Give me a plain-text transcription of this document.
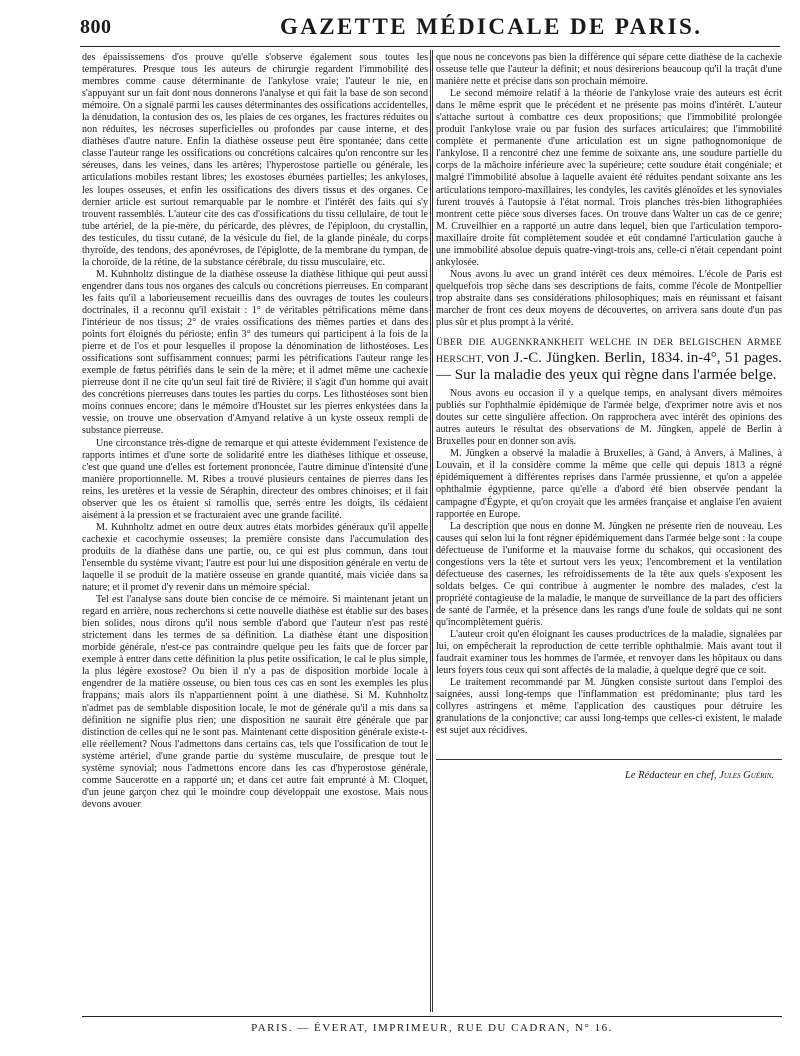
800	GAZETTE MÉDICALE DE PARIS.

des épaississemens d'os prouve qu'elle s'observe également sous toutes les températures. Presque tous les auteurs de chirurgie regardent l'immobilité des membres comme cause déterminante de l'ankylose vraie; l'auteur le nie, en s'appuyant sur un fait dont nous donnerons l'analyse et qui fait la base de son second mémoire. On a signalé parmi les causes déterminantes des ossifications accidentelles, la dénudation, la contusion des os, les plaies de ces organes, les fractures réduites ou non réduites, les nécroses superficielles ou profondes par cause interne, et des diathèses d'autre nature. Enfin la diathèse osseuse peut être spontanée; dans cette classe l'auteur range les ossifications ou concrétions calcaires qu'on rencontre sur les séreuses, dans les veines, dans les artères; l'hyperostose partielle ou générale, les articulations mobiles restant libres; les exostoses éburnées partielles; les ankyloses, les loupes osseuses, et enfin les ossifications des divers tissus et des organes. Ce dernier article est surtout remarquable par le nombre et l'intérêt des faits qui s'y trouvent rassemblés. L'auteur cite des cas d'ossifications du tissu cellulaire, de tout le tube artériel, de la pie-mère, du péricarde, des plèvres, de l'épiploon, du crystallin, des testicules, du tissu cutané, de la vésicule du fiel, de la glande pinéale, du corps thyroïde, des tendons, des aponévroses, de l'épiglotte, de la membrane du tympan, de la choroïde, de la rétine, de la substance cérébrale, du tissu musculaire, etc.

M. Kuhnholtz distingue de la diathèse osseuse la diathèse lithique qui peut aussi engendrer dans tous nos organes des calculs ou concrétions pierreuses. En comparant les faits qu'il a laborieusement recueillis dans des ouvrages de toutes les couleurs doctrinales, il a reconnu qu'il existait : 1° de véritables pétrifications même dans l'intérieur de nos tissus; 2° de vraies ossifications des mêmes parties et dans des points fort éloignés du périoste; enfin 3° des tumeurs qui participent à la fois de la pierre et de l'os et pour lesquelles il propose la dénomination de lithostéoses. Les ossifications sont suffisamment connues; parmi les pétrifications l'auteur range les exemple de fœtus pétrifiés dans le sein de la mère; et il admet même une cachexie pierreuse dont il ne cite qu'un seul fait tiré de Rivière; il s'agit d'un homme qui avait des concrétions pierreuses dans toutes les parties du corps. Les lithostéoses sont bien moins connues encore; dans le mémoire d'Houstet sur les pierres enkystées dans la vessie, on trouve une observation d'Amyand relative à un kyste osseux rempli de substance pierreuse.

Une circonstance très-digne de remarque et qui atteste évidemment l'existence de rapports intimes et d'une sorte de solidarité entre les diathèses lithique et osseuse, c'est que quand une d'elles est fortement prononcée, l'autre diminue d'intensité d'une manière proportionnelle. M. Ribes a trouvé plusieurs centaines de pierres dans les reins, les uretères et la vessie de Séraphin, directeur des ombres chinoises; et il fait observer que les os étaient si ramollis que, serrés entre les doigts, ils cédaient aisément à la pression et se fracturaient avec une grande facilité.

M. Kuhnholtz admet en outre deux autres états morbides généraux qu'il appelle cachexie et cacochymie osseuses; la première consiste dans l'accumulation des produits de la diathèse dans une partie, ou, ce qui est plus commun, dans tout l'ensemble du système vivant; l'autre est pour lui une disposition générale en vertu de laquelle il se produit de la matière osseuse en grande quantité, mais viciée dans sa nature; et il promet d'y revenir dans un mémoire spécial.

Tel est l'analyse sans doute bien concise de ce mémoire. Si maintenant jetant un regard en arrière, nous recherchons si cette nouvelle diathèse est établie sur des bases bien solides, nous dirons qu'il nous semble d'abord que l'auteur n'est pas resté strictement dans les termes de sa définition. La diathèse étant une disposition morbide générale, n'est-ce pas contraindre quelque peu les faits que de forcer par exemple à entrer dans cette définition la plus petite ossification, le cal le plus simple, la plus légère exostose? Ou bien il n'y a pas de disposition morbide locale à engendrer de la matière osseuse, ou bien tous ces cas en sont les exemples les plus frappans; mais alors ils n'appartiennent point à une diathèse. Si M. Kuhnholtz n'admet pas de semblable disposition locale, le mot de générale qu'il a mis dans sa définition ne signifie plus rien; une disposition ne saurait être générale que par distinction de celles qui ne le sont pas. Maintenant cette disposition générale existe-t-elle réellement? Nous l'admettons dans certains cas, tels que l'ossification de tout le système artériel, d'une grande partie du système musculaire, de presque tout le système synovial; nous l'admettons encore dans les cas d'hyperostose générale, comme Saucerotte en a rapporté un; et dans cet autre fait emprunté à M. Cloquet, d'un jeune garçon chez qui le moindre coup développait une exostose. Mais nous devons avouer

que nous ne concevons pas bien la différence qui sépare cette diathèse de la cachexie osseuse telle que l'auteur la définit; et nous désirerions beaucoup qu'il la traçât d'une manière nette et précise dans son prochain mémoire.

Le second mémoire relatif à la théorie de l'ankylose vraie des auteurs est écrit dans le même esprit que le précédent et ne présente pas moins d'intérêt. L'auteur s'attache surtout à combattre ces deux propositions; que l'immobilité prolongée produit l'ankylose vraie ou par fusion des surfaces articulaires; que l'immobilité complète et permanente d'une articulation est un signe pathognomonique de l'ankylose. Il a rencontré chez une femme de soixante ans, une soudure partielle du corps de la mâchoire inférieure avec la supérieure; cette soudure était congéniale; et malgré l'immobilité absolue à laquelle avaient été réduites pendant soixante ans les articulations temporo-maxillaires, les condyles, les cavités glénoïdes et les synoviales furent trouvés à l'autopsie à l'état normal. Trois planches très-bien lithographiées montrent cette pièce sous diverses faces. On trouve dans Walter un cas de ce genre; M. Cruveilhier en a rapporté un autre dans lequel, bien que l'articulation temporo-maxillaire droite fût complètement soudée et eût condamné l'articulation gauche à une immobilité absolue depuis quatre-vingt-trois ans, celle-ci n'était cependant point ankylosée.

Nous avons lu avec un grand intérêt ces deux mémoires. L'école de Paris est quelquefois trop sèche dans ses descriptions de faits, comme l'école de Montpellier trop abstraite dans ses considérations philosophiques; mais en réunissant et faisant marcher de front ces deux moyens de découvertes, on arrivera sans doute d'un pas plus sûr et plus prompt à la vérité.

ÜBER DIE AUGENKRANKHEIT WELCHE IN DER BELGISCHEN ARMEE HERSCHT, von J.-C. Jüngken. Berlin, 1834. in-4°, 51 pages. — Sur la maladie des yeux qui règne dans l'armée belge.

Nous avons eu occasion il y a quelque temps, en analysant divers mémoires publiés sur l'ophthalmie épidémique de l'armée belge, d'exprimer notre avis et nos doutes sur cette singulière affection. On rapprochera avec intérêt des opinions des autres auteurs le résultat des observations de M. Jüngken, appelé de Berlin à Bruxelles pour en donner son avis.

M. Jüngken a observé la maladie à Bruxelles, à Gand, à Anvers, à Malines, à Louvain, et il la considère comme la même que celle qui depuis 1813 a régné épidémiquement à différentes reprises dans l'armée prussienne, et qu'on a appelée ophthalmie égyptienne, parce qu'elle a d'abord été bien observée pendant la campagne d'Égypte, et qu'on croyait que les armées française et anglaise l'en avaient rapportée en Europe.

La description que nous en donne M. Jüngken ne présente rien de nouveau. Les causes qui selon lui la font régner épidémiquement dans l'armée belge sont : la coupe défectueuse de l'uniforme et la mauvaise forme du schakos, qui occasionent des congestions vers la tête et surtout vers les yeux; l'encombrement et la ventilation défectueuse des casernes, les refroidissements de la tête aux quels s'exposent les soldats belges. Ce qui contribue à augmenter le nombre des malades, c'est la propriété contagieuse de la maladie, le manque de surveillance de la part des officiers de santé de l'armée, et la présence dans les rangs d'une foule de soldats qui ne sont qu'incomplètement guéris.

L'auteur croit qu'en éloignant les causes productrices de la maladie, signalées par lui, on empêcherait la reproduction de cette terrible ophthalmie. Mais avant tout il faudrait examiner tous les hommes de l'armée, et renvoyer dans les hôpitaux ou dans leurs foyers tous ceux qui sont affectés de la maladie, à quelque degré que ce soit.

Le traitement recommandé par M. Jüngken consiste surtout dans l'emploi des saignées, aussi long-temps que l'inflammation est prédominante; plus tard les collyres astringens et même l'application des caustiques pour détruire les granulations de la conjonctive; car aussi long-temps que celles-ci existent, le malade est sujet aux récidives.

Le Rédacteur en chef, Jules Guérin.
PARIS. — ÉVERAT, IMPRIMEUR, RUE DU CADRAN, N° 16.
